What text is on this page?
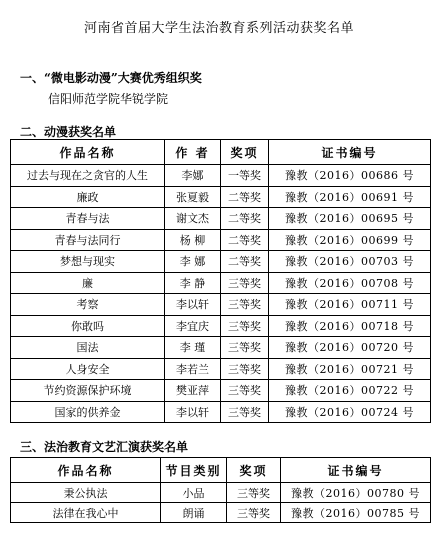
河南省首届大学生法治教育系列活动获奖名单
一、“微电影动漫”大赛优秀组织奖
信阳师范学院华锐学院
二、动漫获奖名单
作品名称	作 者	奖项	证书编号
过去与现在之贪官的人生	李娜	一等奖	豫教（2016）00686 号
廉政	张夏毅	二等奖	豫教（2016）00691 号
青春与法	谢文杰	二等奖	豫教（2016）00695 号
青春与法同行	杨 柳	二等奖	豫教（2016）00699 号
梦想与现实	李 娜	二等奖	豫教（2016）00703 号
廉	李 静	三等奖	豫教（2016）00708 号
考察	李以轩	三等奖	豫教（2016）00711 号
你敢吗	李宜庆	三等奖	豫教（2016）00718 号
国法	李 瑾	三等奖	豫教（2016）00720 号
人身安全	李若兰	三等奖	豫教（2016）00721 号
节约资源保护环境	樊亚萍	三等奖	豫教（2016）00722 号
国家的供养金	李以轩	三等奖	豫教（2016）00724 号
三、法治教育文艺汇演获奖名单
作品名称	节目类别	奖项	证书编号
秉公执法	小品	三等奖	豫教（2016）00780 号
法律在我心中	朗诵	三等奖	豫教（2016）00785 号
